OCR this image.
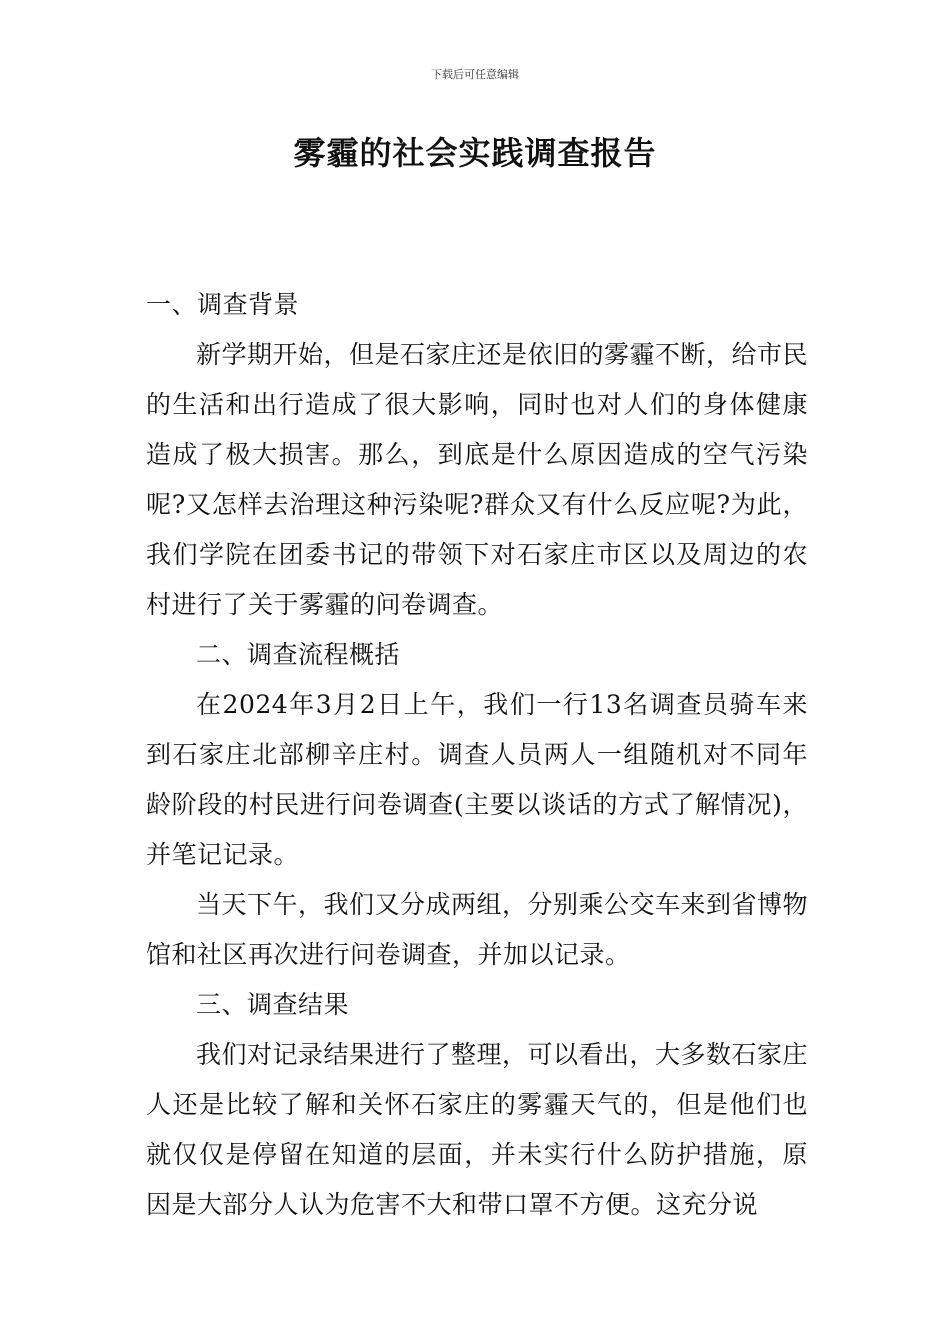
下载后可任意编辑
雾霾的社会实践调查报告

一、调查背景

新学期开始，但是石家庄还是依旧的雾霾不断，给市民的生活和出行造成了很大影响，同时也对人们的身体健康造成了极大损害。那么，到底是什么原因造成的空气污染呢?又怎样去治理这种污染呢?群众又有什么反应呢?为此，我们学院在团委书记的带领下对石家庄市区以及周边的农村进行了关于雾霾的问卷调查。

二、调查流程概括

在2024年3月2日上午，我们一行13名调查员骑车来到石家庄北部柳辛庄村。调查人员两人一组随机对不同年龄阶段的村民进行问卷调查(主要以谈话的方式了解情况)，并笔记记录。

当天下午，我们又分成两组，分别乘公交车来到省博物馆和社区再次进行问卷调查，并加以记录。

三、调查结果

我们对记录结果进行了整理，可以看出，大多数石家庄人还是比较了解和关怀石家庄的雾霾天气的，但是他们也就仅仅是停留在知道的层面，并未实行什么防护措施，原因是大部分人认为危害不大和带口罩不方便。这充分说
